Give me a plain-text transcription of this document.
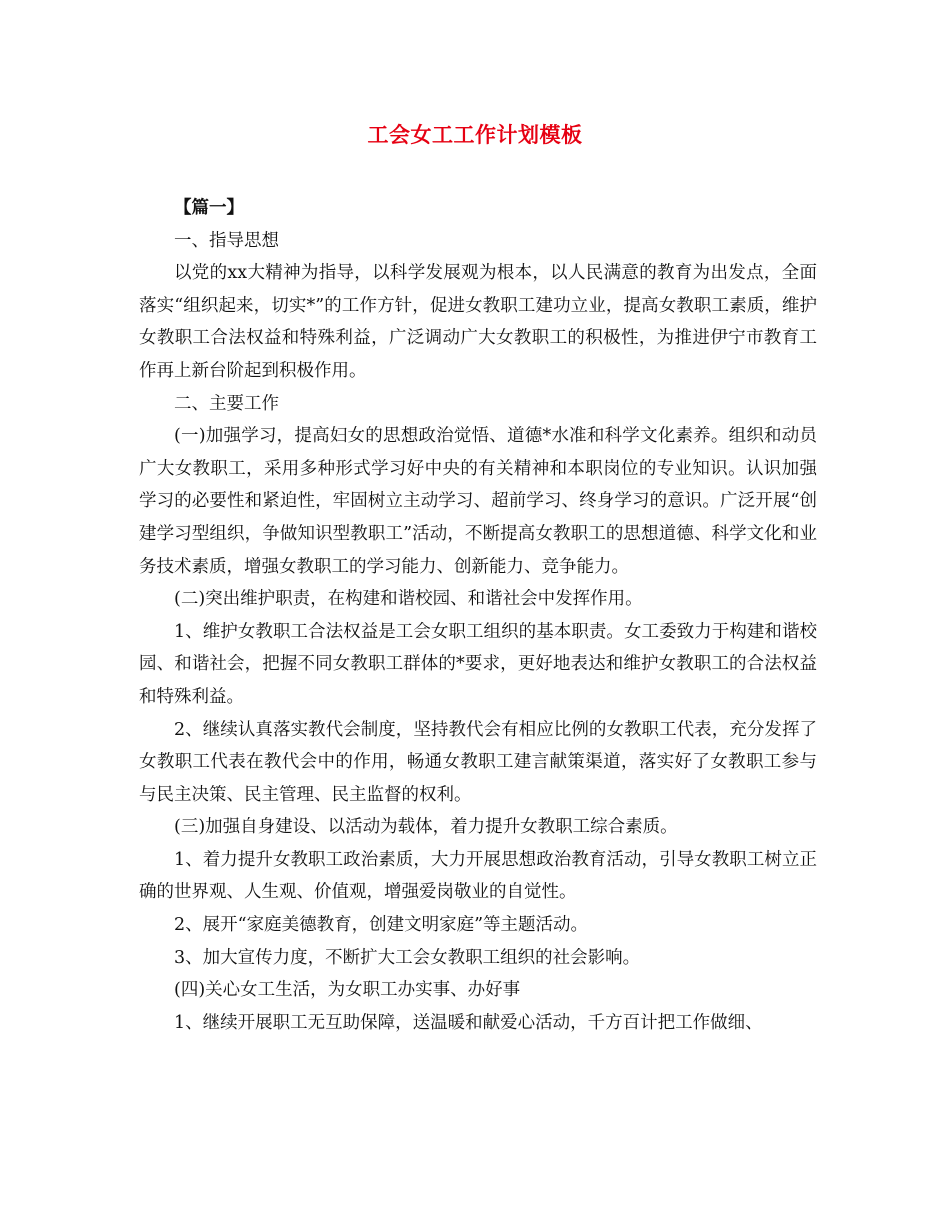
工会女工工作计划模板

【篇一】

一、指导思想

以党的xx大精神为指导，以科学发展观为根本，以人民满意的教育为出发点，全面落实“组织起来，切实*”的工作方针，促进女教职工建功立业，提高女教职工素质，维护女教职工合法权益和特殊利益，广泛调动广大女教职工的积极性，为推进伊宁市教育工作再上新台阶起到积极作用。

二、主要工作

(一)加强学习，提高妇女的思想政治觉悟、道德*水准和科学文化素养。组织和动员广大女教职工，采用多种形式学习好中央的有关精神和本职岗位的专业知识。认识加强学习的必要性和紧迫性，牢固树立主动学习、超前学习、终身学习的意识。广泛开展“创建学习型组织，争做知识型教职工”活动，不断提高女教职工的思想道德、科学文化和业务技术素质，增强女教职工的学习能力、创新能力、竞争能力。

(二)突出维护职责，在构建和谐校园、和谐社会中发挥作用。

1、维护女教职工合法权益是工会女职工组织的基本职责。女工委致力于构建和谐校园、和谐社会，把握不同女教职工群体的*要求，更好地表达和维护女教职工的合法权益和特殊利益。

2、继续认真落实教代会制度，坚持教代会有相应比例的女教职工代表，充分发挥了女教职工代表在教代会中的作用，畅通女教职工建言献策渠道，落实好了女教职工参与与民主决策、民主管理、民主监督的权利。

(三)加强自身建设、以活动为载体，着力提升女教职工综合素质。

1、着力提升女教职工政治素质，大力开展思想政治教育活动，引导女教职工树立正确的世界观、人生观、价值观，增强爱岗敬业的自觉性。

2、展开“家庭美德教育，创建文明家庭”等主题活动。

3、加大宣传力度，不断扩大工会女教职工组织的社会影响。

(四)关心女工生活，为女职工办实事、办好事

1、继续开展职工无互助保障，送温暖和献爱心活动，千方百计把工作做细、
